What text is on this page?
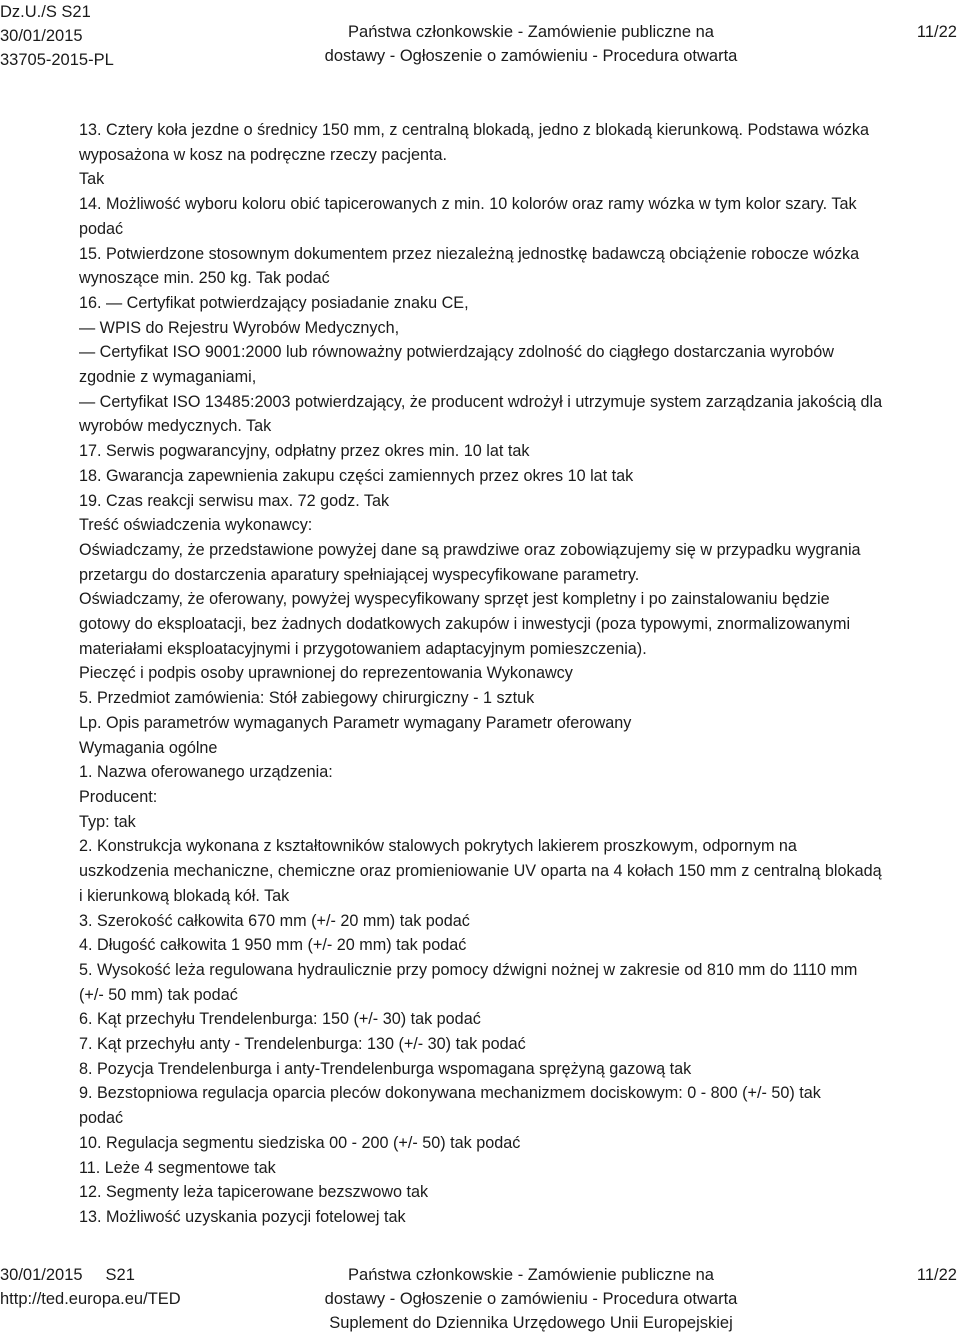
Dz.U./S S21
30/01/2015
33705-2015-PL
Państwa członkowskie - Zamówienie publiczne na
dostawy - Ogłoszenie o zamówieniu - Procedura otwarta
11/22
13. Cztery koła jezdne o średnicy 150 mm, z centralną blokadą, jedno z blokadą kierunkową. Podstawa wózka
wyposażona w kosz na podręczne rzeczy pacjenta.
Tak
14. Możliwość wyboru koloru obić tapicerowanych z min. 10 kolorów oraz ramy wózka w tym kolor szary. Tak
podać
15. Potwierdzone stosownym dokumentem przez niezależną jednostkę badawczą obciążenie robocze wózka
wynoszące min. 250 kg. Tak podać
16. — Certyfikat potwierdzający posiadanie znaku CE,
— WPIS do Rejestru Wyrobów Medycznych,
— Certyfikat ISO 9001:2000 lub równoważny potwierdzający zdolność do ciągłego dostarczania wyrobów
zgodnie z wymaganiami,
— Certyfikat ISO 13485:2003 potwierdzający, że producent wdrożył i utrzymuje system zarządzania jakością dla
wyrobów medycznych. Tak
17. Serwis pogwarancyjny, odpłatny przez okres min. 10 lat tak
18. Gwarancja zapewnienia zakupu części zamiennych przez okres 10 lat tak
19. Czas reakcji serwisu max. 72 godz. Tak
Treść oświadczenia wykonawcy:
Oświadczamy, że przedstawione powyżej dane są prawdziwe oraz zobowiązujemy się w przypadku wygrania
przetargu do dostarczenia aparatury spełniającej wyspecyfikowane parametry.
Oświadczamy, że oferowany, powyżej wyspecyfikowany sprzęt jest kompletny i po zainstalowaniu będzie
gotowy do eksploatacji, bez żadnych dodatkowych zakupów i inwestycji (poza typowymi, znormalizowanymi
materiałami eksploatacyjnymi i przygotowaniem adaptacyjnym pomieszczenia).
Pieczęć i podpis osoby uprawnionej do reprezentowania Wykonawcy
5. Przedmiot zamówienia: Stół zabiegowy chirurgiczny - 1 sztuk
Lp. Opis parametrów wymaganych Parametr wymagany Parametr oferowany
Wymagania ogólne
1. Nazwa oferowanego urządzenia:
Producent:
Typ: tak
2. Konstrukcja wykonana z kształtowników stalowych pokrytych lakierem proszkowym, odpornym na
uszkodzenia mechaniczne, chemiczne oraz promieniowanie UV oparta na 4 kołach 150 mm z centralną blokadą
i kierunkową blokadą kół. Tak
3. Szerokość całkowita 670 mm (+/- 20 mm) tak podać
4. Długość całkowita 1 950 mm (+/- 20 mm) tak podać
5. Wysokość leża regulowana hydraulicznie przy pomocy dźwigni nożnej w zakresie od 810 mm do 1110 mm
(+/- 50 mm) tak podać
6. Kąt przechyłu Trendelenburga: 150 (+/- 30) tak podać
7. Kąt przechyłu anty - Trendelenburga: 130 (+/- 30) tak podać
8. Pozycja Trendelenburga i anty-Trendelenburga wspomagana sprężyną gazową tak
9. Bezstopniowa regulacja oparcia pleców dokonywana mechanizmem dociskowym: 0 - 800 (+/- 50) tak
podać
10. Regulacja segmentu siedziska 00 - 200 (+/- 50) tak podać
11. Leże 4 segmentowe tak
12. Segmenty leża tapicerowane bezszwowo tak
13. Możliwość uzyskania pozycji fotelowej tak
30/01/2015 S21
http://ted.europa.eu/TED
Państwa członkowskie - Zamówienie publiczne na
dostawy - Ogłoszenie o zamówieniu - Procedura otwarta
Suplement do Dziennika Urzędowego Unii Europejskiej
11/22
